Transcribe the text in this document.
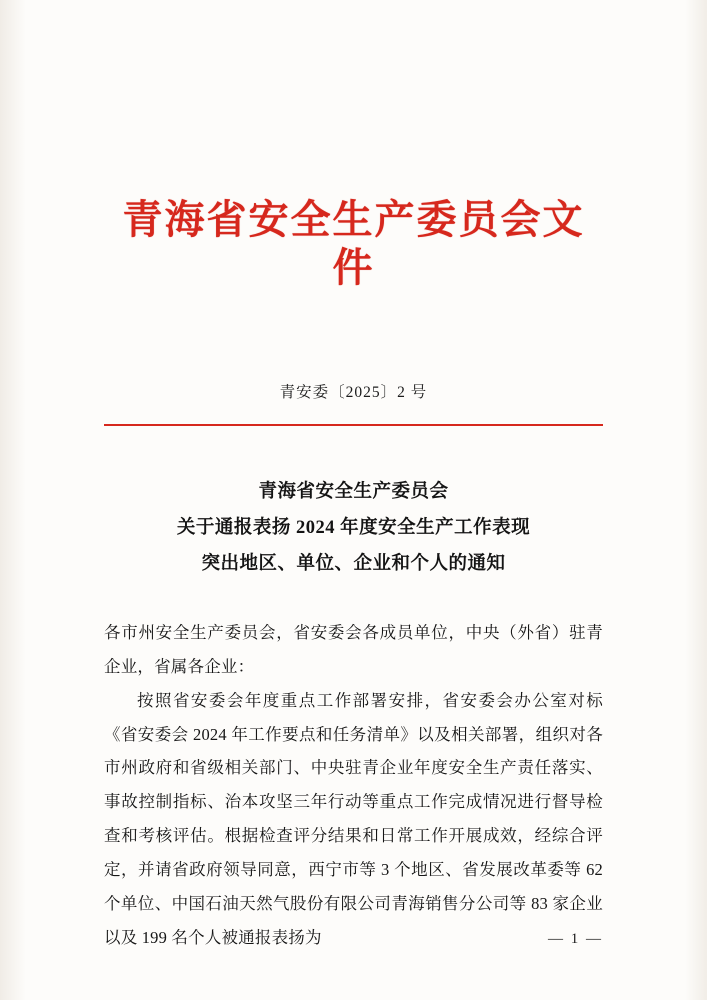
青海省安全生产委员会文件
青安委〔2025〕2 号
青海省安全生产委员会
关于通报表扬 2024 年度安全生产工作表现
突出地区、单位、企业和个人的通知

各市州安全生产委员会，省安委会各成员单位，中央（外省）驻青企业，省属各企业：

按照省安委会年度重点工作部署安排，省安委会办公室对标《省安委会 2024 年工作要点和任务清单》以及相关部署，组织对各市州政府和省级相关部门、中央驻青企业年度安全生产责任落实、事故控制指标、治本攻坚三年行动等重点工作完成情况进行督导检查和考核评估。根据检查评分结果和日常工作开展成效，经综合评定，并请省政府领导同意，西宁市等 3 个地区、省发展改革委等 62 个单位、中国石油天然气股份有限公司青海销售分公司等 83 家企业以及 199 名个人被通报表扬为	— 1 —
